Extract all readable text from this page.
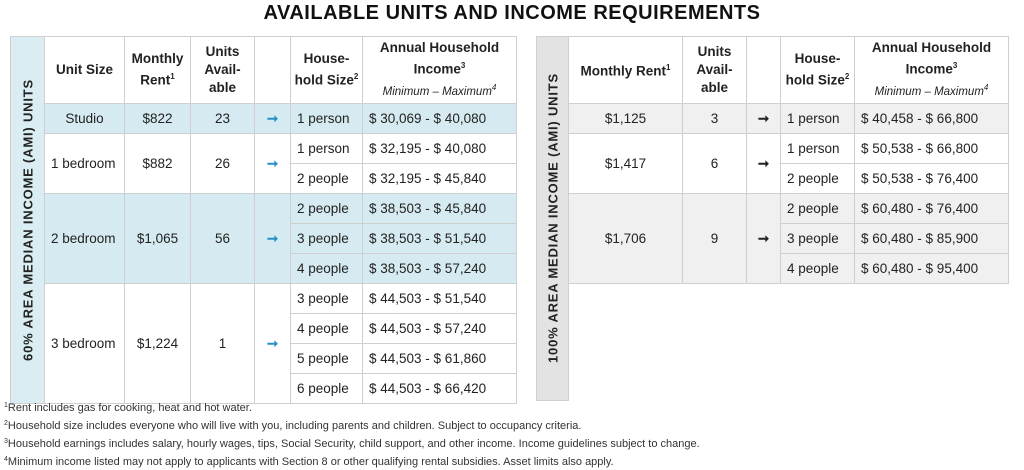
AVAILABLE UNITS AND INCOME REQUIREMENTS
60% AREA MEDIAN INCOME (AMI) UNITS	Unit Size	Monthly Rent$^1$	Units Avail- able		House- hold Size$^2$	Annual Household Income$^3$
Minimum – Maximum$^4$
	Studio	$822	23	➞	1 person	$ 30,069 - $ 40,080
	1 bedroom	$882	26	➞	1 person	$ 32,195 - $ 40,080
					2 people	$ 32,195 - $ 45,840
	2 bedroom	$1,065	56	➞	2 people	$ 38,503 - $ 45,840
					3 people	$ 38,503 - $ 51,540
					4 people	$ 38,503 - $ 57,240
	3 bedroom	$1,224	1	➞	3 people	$ 44,503 - $ 51,540
					4 people	$ 44,503 - $ 57,240
					5 people	$ 44,503 - $ 61,860
					6 people	$ 44,503 - $ 66,420
100% AREA MEDIAN INCOME (AMI) UNITS	Monthly Rent$^1$	Units Avail- able		House- hold Size$^2$	Annual Household Income$^3$
Minimum – Maximum$^4$
	$1,125	3	➞	1 person	$ 40,458 - $ 66,800
	$1,417	6	➞	1 person	$ 50,538 - $ 66,800
				2 people	$ 50,538 - $ 76,400
	$1,706	9	➞	2 people	$ 60,480 - $ 76,400
				3 people	$ 60,480 - $ 85,900
				4 people	$ 60,480 - $ 95,400

$^1$Rent includes gas for cooking, heat and hot water.
$^2$Household size includes everyone who will live with you, including parents and children. Subject to occupancy criteria.
$^3$Household earnings includes salary, hourly wages, tips, Social Security, child support, and other income. Income guidelines subject to change.
$^4$Minimum income listed may not apply to applicants with Section 8 or other qualifying rental subsidies. Asset limits also apply.
